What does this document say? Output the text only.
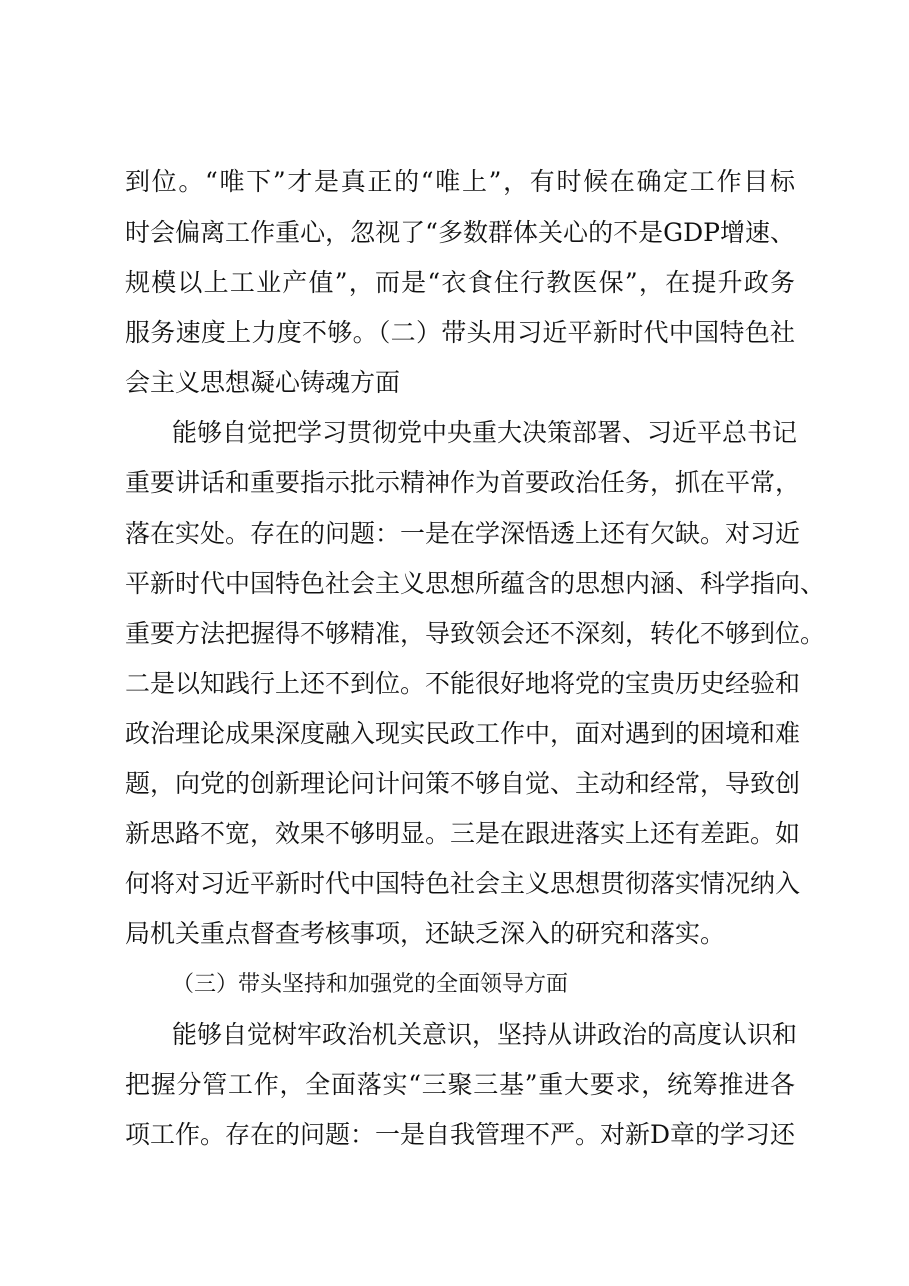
到位。“唯下”才是真正的“唯上”，有时候在确定工作目标
时会偏离工作重心，忽视了“多数群体关心的不是GDP增速、
规模以上工业产值”，而是“衣食住行教医保”，在提升政务
服务速度上力度不够。（二）带头用习近平新时代中国特色社
会主义思想凝心铸魂方面
能够自觉把学习贯彻党中央重大决策部署、习近平总书记
重要讲话和重要指示批示精神作为首要政治任务，抓在平常，
落在实处。存在的问题：一是在学深悟透上还有欠缺。对习近
平新时代中国特色社会主义思想所蕴含的思想内涵、科学指向、
重要方法把握得不够精准，导致领会还不深刻，转化不够到位。
二是以知践行上还不到位。不能很好地将党的宝贵历史经验和
政治理论成果深度融入现实民政工作中，面对遇到的困境和难
题，向党的创新理论问计问策不够自觉、主动和经常，导致创
新思路不宽，效果不够明显。三是在跟进落实上还有差距。如
何将对习近平新时代中国特色社会主义思想贯彻落实情况纳入
局机关重点督查考核事项，还缺乏深入的研究和落实。
（三）带头坚持和加强党的全面领导方面
能够自觉树牢政治机关意识，坚持从讲政治的高度认识和
把握分管工作，全面落实“三聚三基”重大要求，统筹推进各
项工作。存在的问题：一是自我管理不严。对新D章的学习还
